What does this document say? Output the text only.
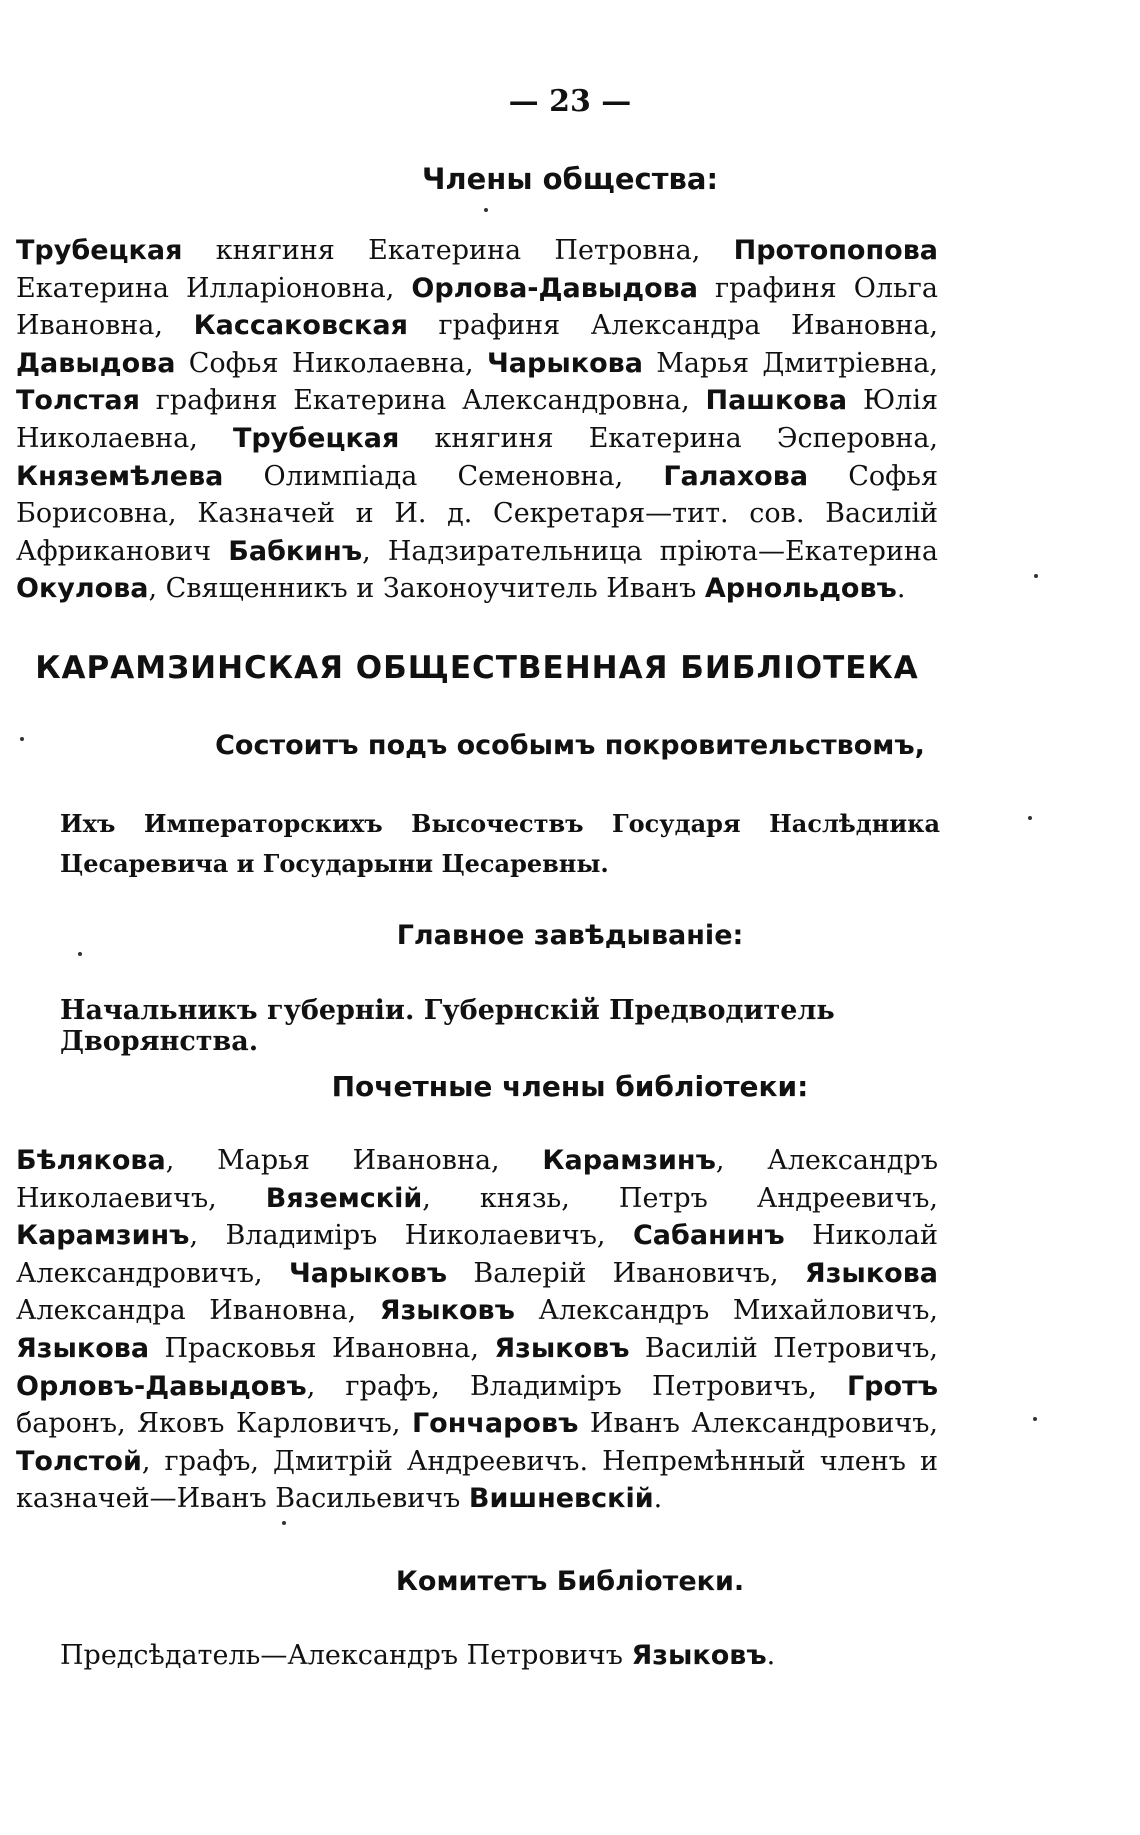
— 23 —
Члены общества:
Трубецкая княгиня Екатерина Петровна, Протопопова Екатерина Илларіоновна, Орлова-Давыдова графиня Ольга Ивановна, Кассаковская графиня Александра Ивановна, Давыдова Софья Николаевна, Чарыкова Марья Дмитріевна, Толстая графиня Екатерина Александровна, Пашкова Юлія Николаевна, Трубецкая княгиня Екатерина Эсперовна, Княземѣлева Олимпіада Семеновна, Галахова Софья Борисовна, Казначей и И. д. Секретаря—тит. сов. Василій Африканович Бабкинъ, Надзирательница пріюта—Екатерина Окулова, Священникъ и Законоучитель Иванъ Арнольдовъ.
КАРАМЗИНСКАЯ ОБЩЕСТВЕННАЯ БИБЛІОТЕКА
Состоитъ подъ особымъ покровительствомъ,
Ихъ Императорскихъ Высочествъ Государя Наслѣдника Цесаревича и Государыни Цесаревны.
Главное завѣдываніе:
Начальникъ губерніи. Губернскій Предводитель Дворянства.
Почетные члены библіотеки:
Бѣлякова, Марья Ивановна, Карамзинъ, Александръ Николаевичъ, Вяземскій, князь, Петръ Андреевичъ, Карамзинъ, Владиміръ Николаевичъ, Сабанинъ Николай Александровичъ, Чарыковъ Валерій Ивановичъ, Языкова Александра Ивановна, Языковъ Александръ Михайловичъ, Языкова Прасковья Ивановна, Языковъ Василій Петровичъ, Орловъ-Давыдовъ, графъ, Владиміръ Петровичъ, Гротъ баронъ, Яковъ Карловичъ, Гончаровъ Иванъ Александровичъ, Толстой, графъ, Дмитрій Андреевичъ. Непремѣнный членъ и казначей—Иванъ Васильевичъ Вишневскій.
Комитетъ Библіотеки.
Предсѣдатель—Александръ Петровичъ Языковъ.
